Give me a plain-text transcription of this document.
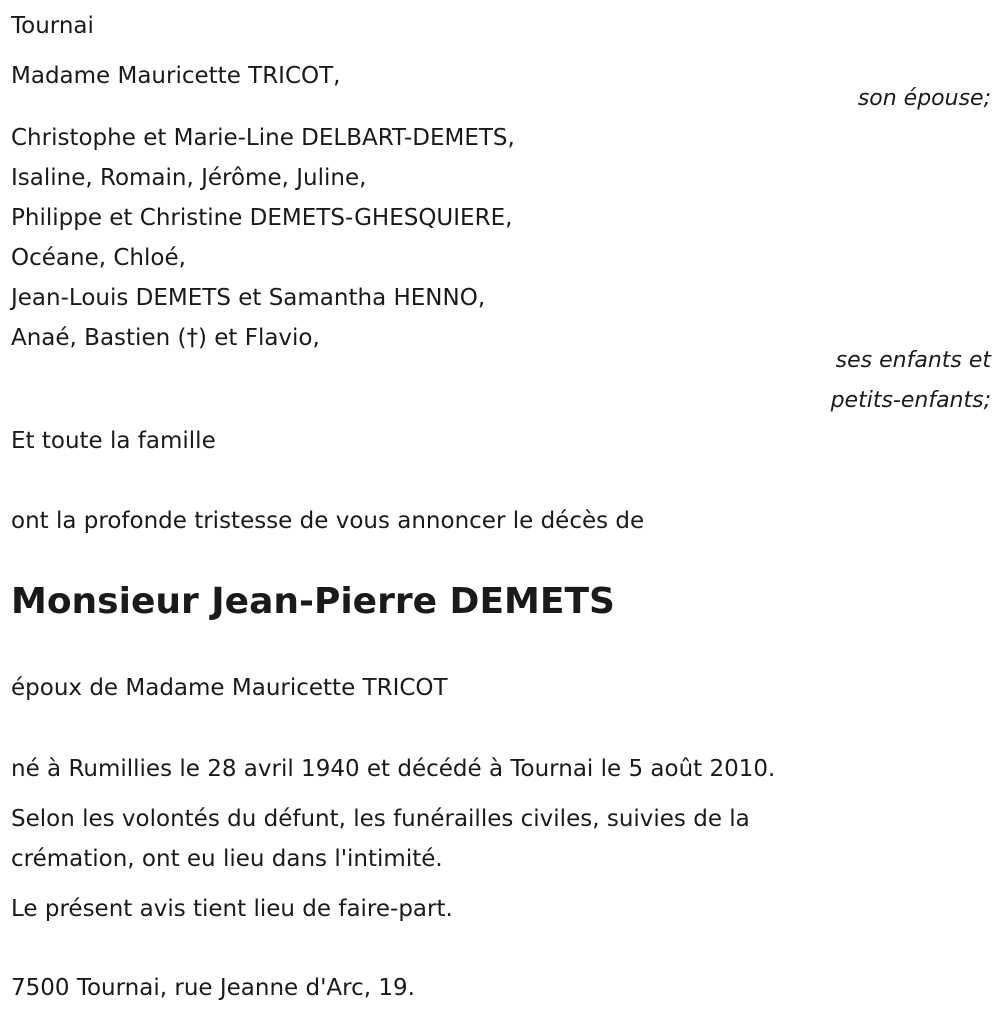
Tournai
Madame Mauricette TRICOT,
son épouse;
Christophe et Marie-Line DELBART-DEMETS,
Isaline, Romain, Jérôme, Juline,
Philippe et Christine DEMETS-GHESQUIERE,
Océane, Chloé,
Jean-Louis DEMETS et Samantha HENNO,
Anaé, Bastien (†) et Flavio,
ses enfants et
petits-enfants;
Et toute la famille
ont la profonde tristesse de vous annoncer le décès de
Monsieur Jean-Pierre DEMETS
époux de Madame Mauricette TRICOT
né à Rumillies le 28 avril 1940 et décédé à Tournai le 5 août 2010.
Selon les volontés du défunt, les funérailles civiles, suivies de la crémation, ont eu lieu dans l'intimité.
Le présent avis tient lieu de faire-part.
7500 Tournai, rue Jeanne d'Arc, 19.
